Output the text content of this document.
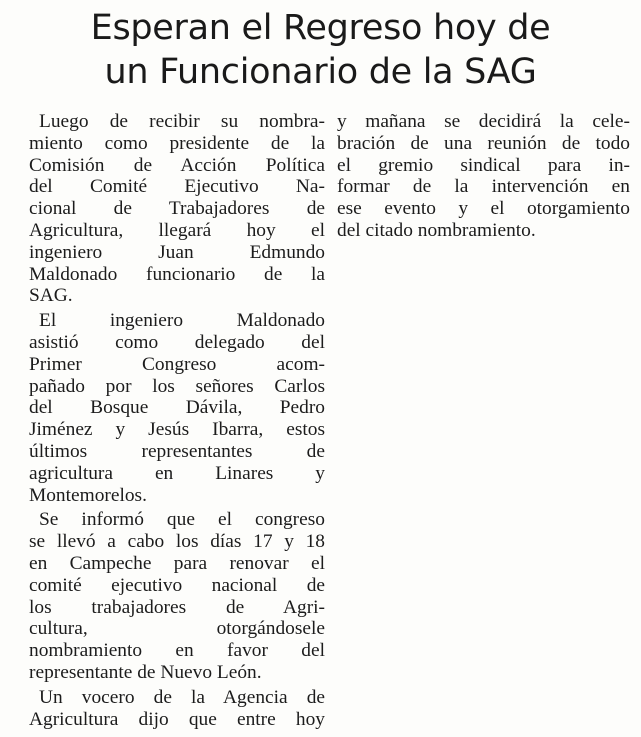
Esperan el Regreso hoy de
un Funcionario de la SAG
Luego de recibir su nombra-
miento como presidente de la
Comisión de Acción Política
del Comité Ejecutivo Na-
cional de Trabajadores de
Agricultura, llegará hoy el
ingeniero Juan Edmundo
Maldonado funcionario de la
SAG.
El ingeniero Maldonado
asistió como delegado del
Primer Congreso acom-
pañado por los señores Carlos
del Bosque Dávila, Pedro
Jiménez y Jesús Ibarra, estos
últimos representantes de
agricultura en Linares y
Montemorelos.
Se informó que el congreso
se llevó a cabo los días 17 y 18
en Campeche para renovar el
comité ejecutivo nacional de
los trabajadores de Agri-
cultura, otorgándosele
nombramiento en favor del
representante de Nuevo León.
Un vocero de la Agencia de
Agricultura dijo que entre hoy
y mañana se decidirá la cele-
bración de una reunión de todo
el gremio sindical para in-
formar de la intervención en
ese evento y el otorgamiento
del citado nombramiento.
